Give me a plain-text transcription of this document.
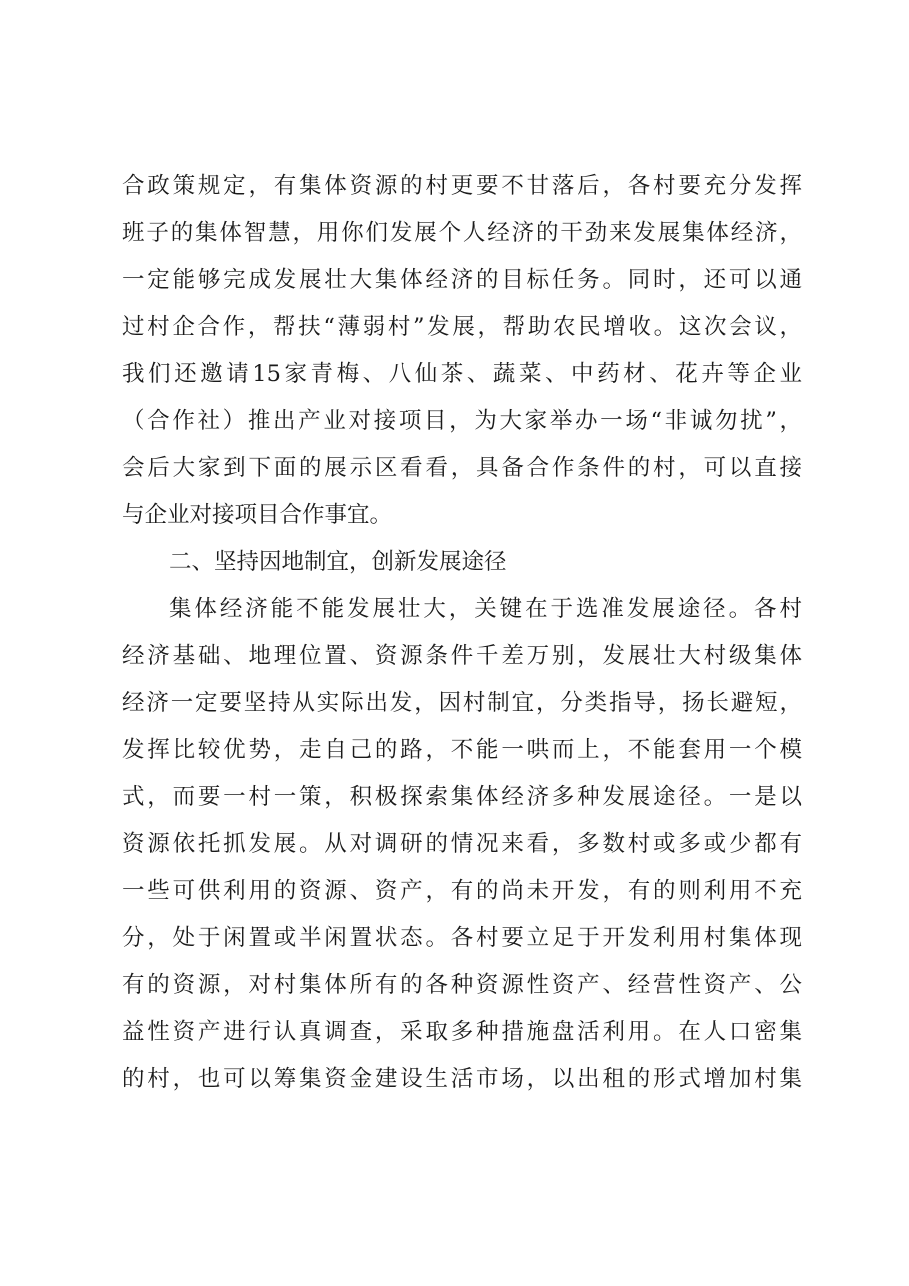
合政策规定，有集体资源的村更要不甘落后，各村要充分发挥
班子的集体智慧，用你们发展个人经济的干劲来发展集体经济，
一定能够完成发展壮大集体经济的目标任务。同时，还可以通
过村企合作，帮扶“薄弱村”发展，帮助农民增收。这次会议，
我们还邀请15家青梅、八仙茶、蔬菜、中药材、花卉等企业
（合作社）推出产业对接项目，为大家举办一场“非诚勿扰”，
会后大家到下面的展示区看看，具备合作条件的村，可以直接
与企业对接项目合作事宜。
二、坚持因地制宜，创新发展途径
集体经济能不能发展壮大，关键在于选准发展途径。各村
经济基础、地理位置、资源条件千差万别，发展壮大村级集体
经济一定要坚持从实际出发，因村制宜，分类指导，扬长避短，
发挥比较优势，走自己的路，不能一哄而上，不能套用一个模
式，而要一村一策，积极探索集体经济多种发展途径。一是以
资源依托抓发展。从对调研的情况来看，多数村或多或少都有
一些可供利用的资源、资产，有的尚未开发，有的则利用不充
分，处于闲置或半闲置状态。各村要立足于开发利用村集体现
有的资源，对村集体所有的各种资源性资产、经营性资产、公
益性资产进行认真调查，采取多种措施盘活利用。在人口密集
的村，也可以筹集资金建设生活市场，以出租的形式增加村集
